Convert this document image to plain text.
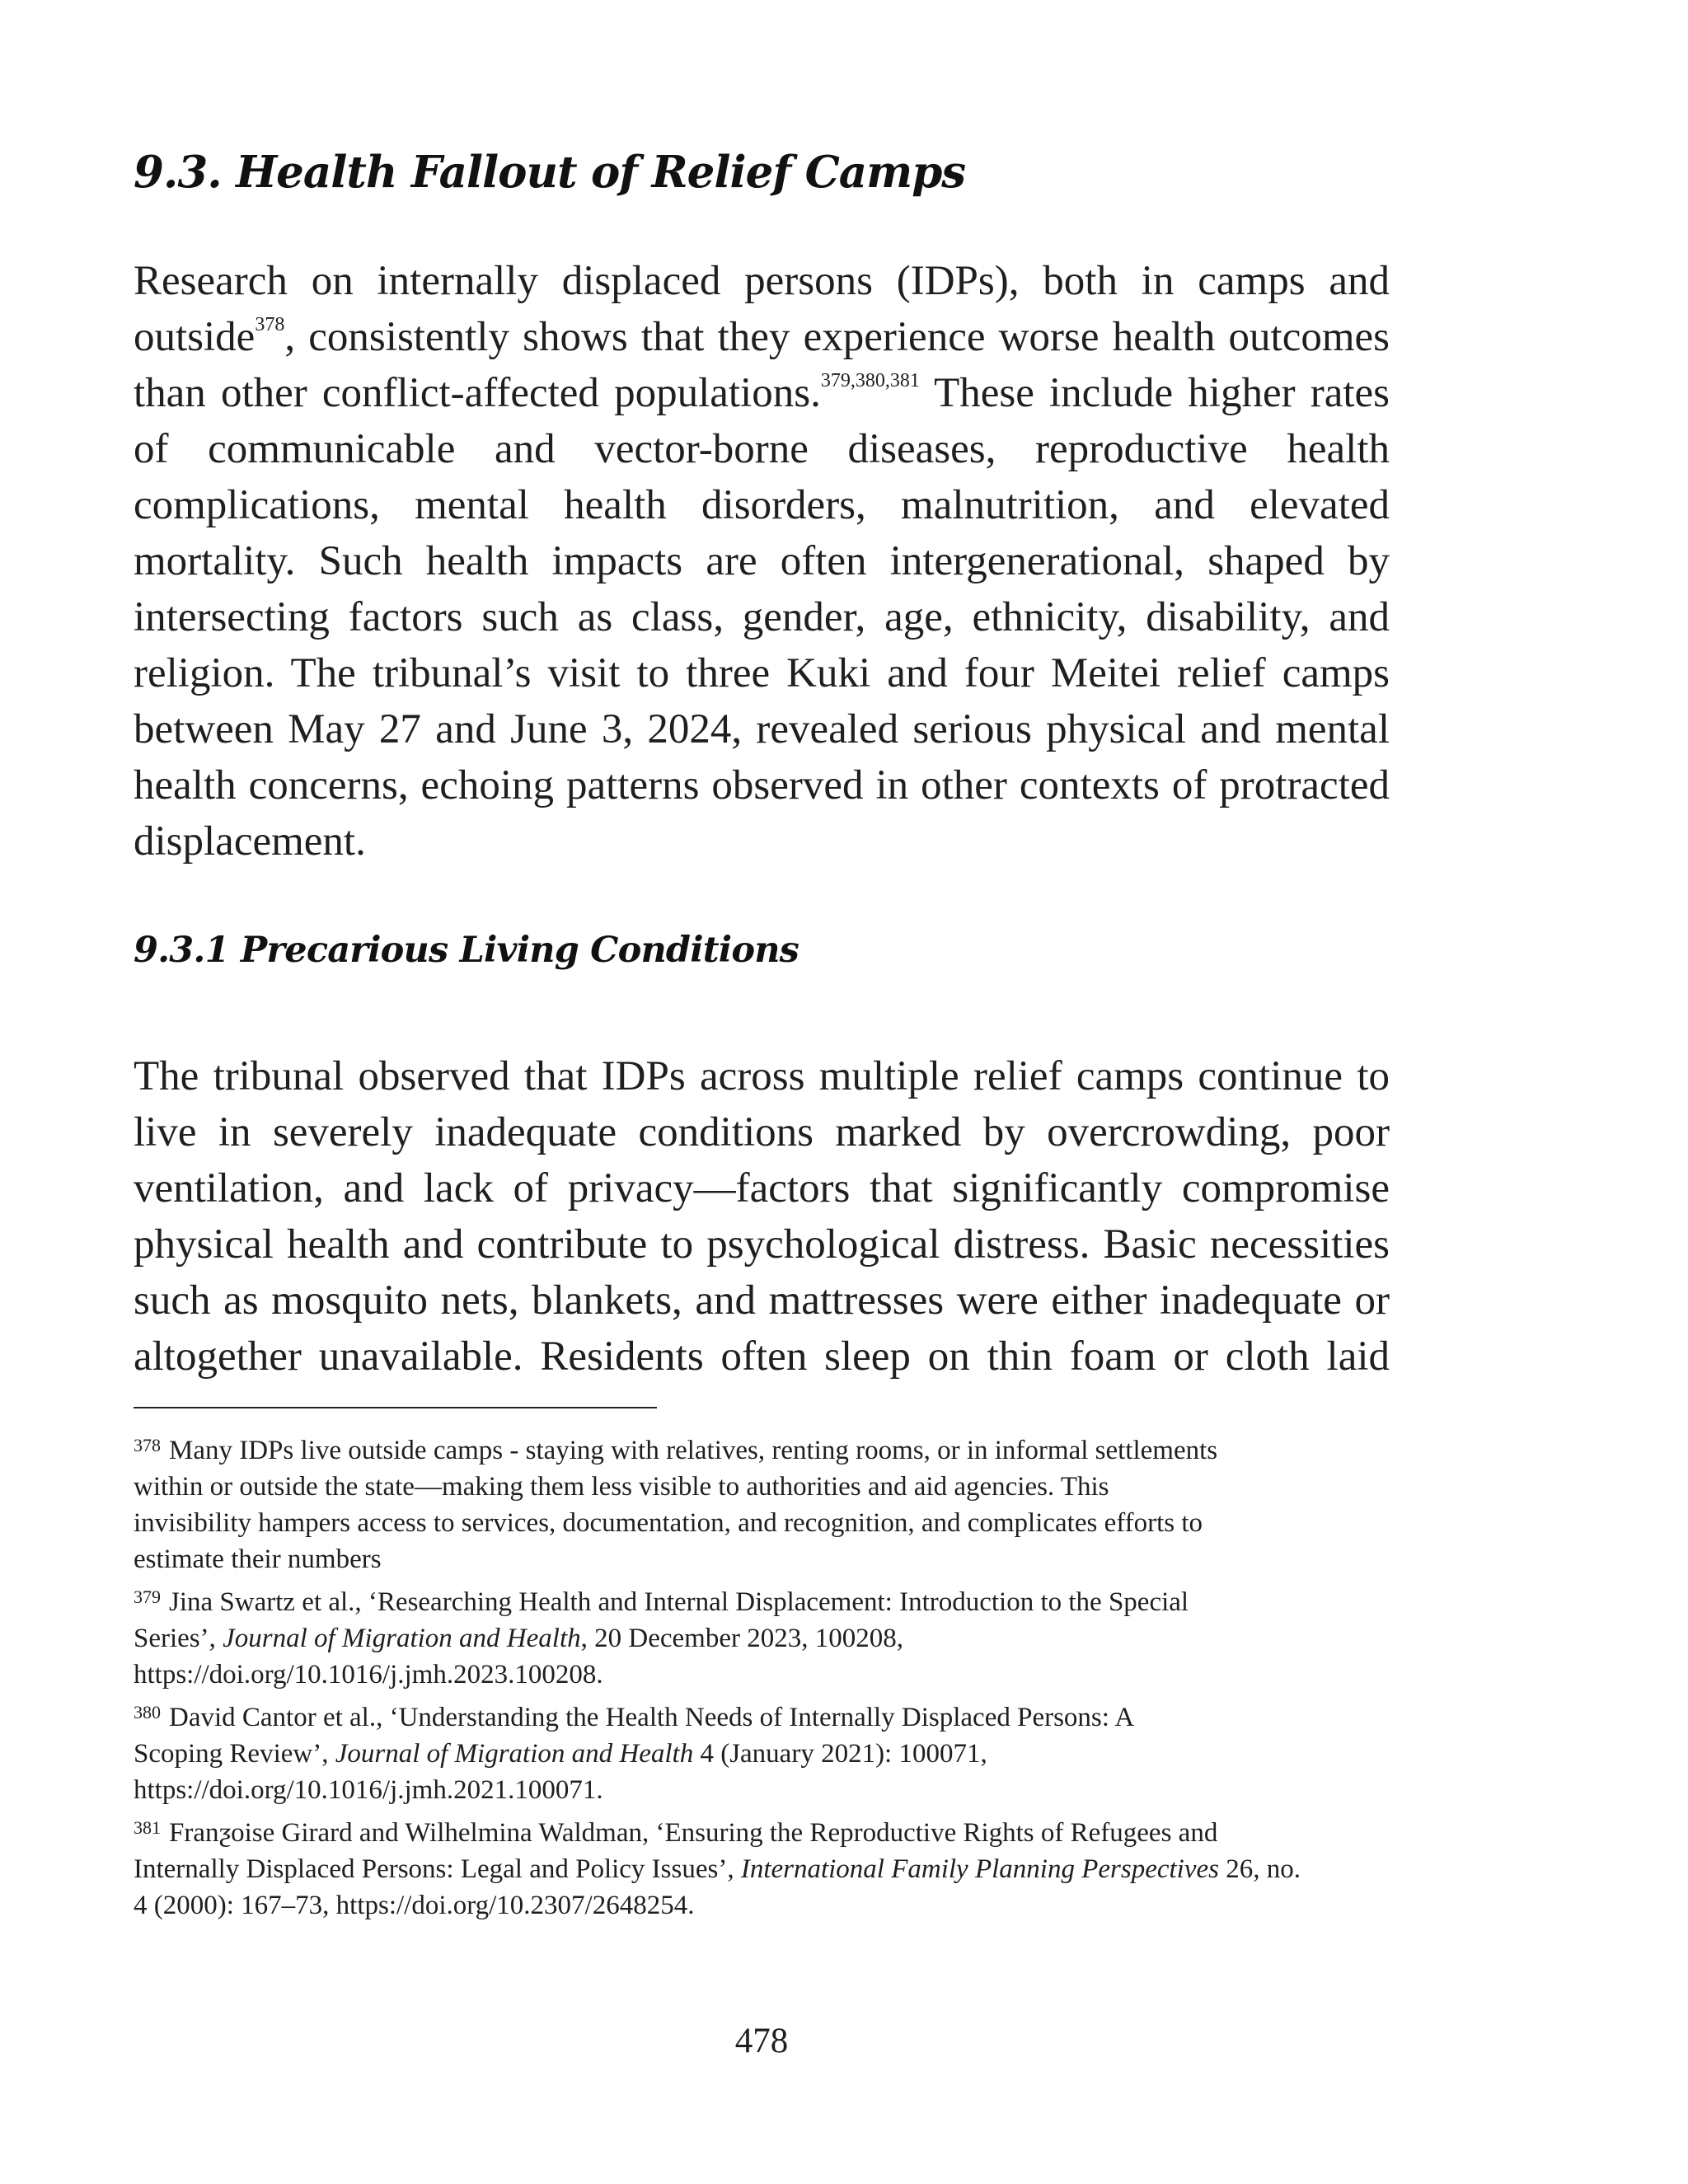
9.3. Health Fallout of Relief Camps
Research on internally displaced persons (IDPs), both in camps and
outside$^{378}$, consistently shows that they experience worse health outcomes
than other conflict-affected populations.$^{379,380,381}$ These include higher rates
of communicable and vector-borne diseases, reproductive health
complications, mental health disorders, malnutrition, and elevated
mortality. Such health impacts are often intergenerational, shaped by
intersecting factors such as class, gender, age, ethnicity, disability, and
religion. The tribunal’s visit to three Kuki and four Meitei relief camps
between May 27 and June 3, 2024, revealed serious physical and mental
health concerns, echoing patterns observed in other contexts of protracted
displacement.
9.3.1 Precarious Living Conditions
The tribunal observed that IDPs across multiple relief camps continue to
live in severely inadequate conditions marked by overcrowding, poor
ventilation, and lack of privacy—factors that significantly compromise
physical health and contribute to psychological distress. Basic necessities
such as mosquito nets, blankets, and mattresses were either inadequate or
altogether unavailable. Residents often sleep on thin foam or cloth laid
$^{378}$ Many IDPs live outside camps - staying with relatives, renting rooms, or in informal settlements
within or outside the state—making them less visible to authorities and aid agencies. This
invisibility hampers access to services, documentation, and recognition, and complicates efforts to
estimate their numbers
$^{379}$ Jina Swartz et al., ‘Researching Health and Internal Displacement: Introduction to the Special
Series’, Journal of Migration and Health, 20 December 2023, 100208,
https://doi.org/10.1016/j.jmh.2023.100208.
$^{380}$ David Cantor et al., ‘Understanding the Health Needs of Internally Displaced Persons: A
Scoping Review’, Journal of Migration and Health 4 (January 2021): 100071,
https://doi.org/10.1016/j.jmh.2021.100071.
$^{381}$ Franƺoise Girard and Wilhelmina Waldman, ‘Ensuring the Reproductive Rights of Refugees and
Internally Displaced Persons: Legal and Policy Issues’, International Family Planning Perspectives 26, no.
4 (2000): 167–73, https://doi.org/10.2307/2648254.
478
